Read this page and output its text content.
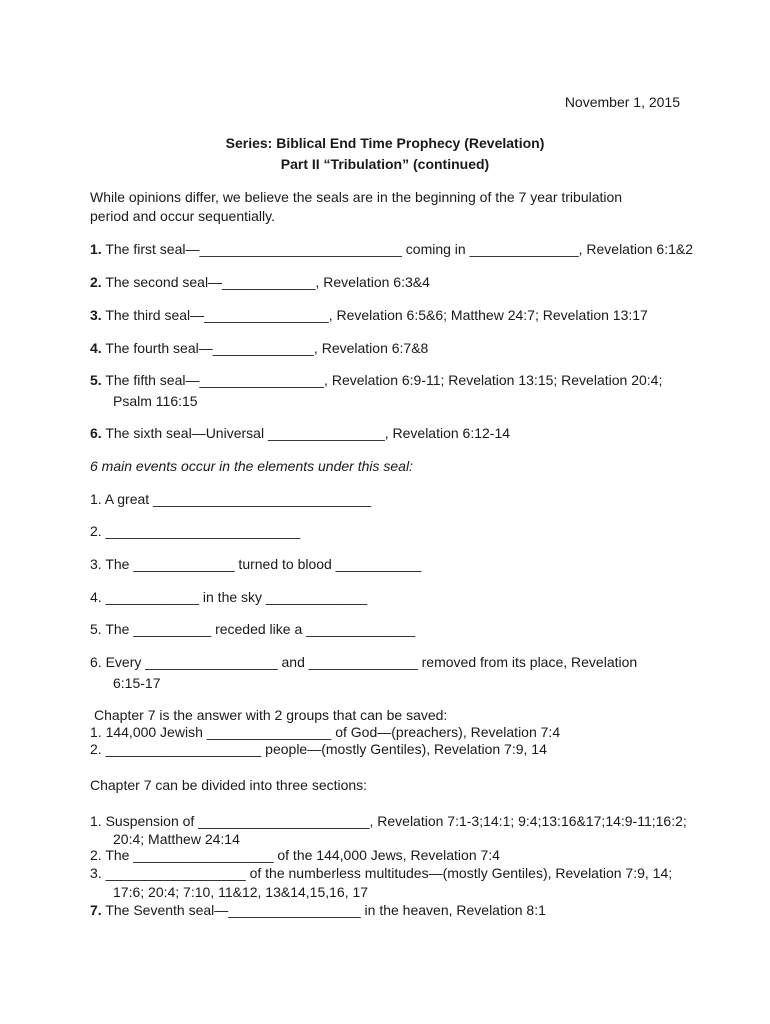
November 1, 2015
Series: Biblical End Time Prophecy (Revelation)
Part II “Tribulation” (continued)
While opinions differ, we believe the seals are in the beginning of the 7 year tribulation
period and occur sequentially.
1. The first seal—__________________________ coming in ______________, Revelation 6:1&2
2. The second seal—____________, Revelation 6:3&4
3. The third seal—________________, Revelation 6:5&6; Matthew 24:7; Revelation 13:17
4. The fourth seal—_____________, Revelation 6:7&8
5. The fifth seal—________________, Revelation 6:9-11; Revelation 13:15; Revelation 20:4;
Psalm 116:15
6. The sixth seal—Universal _______________, Revelation 6:12-14
6 main events occur in the elements under this seal:
1. A great ____________________________
2. _________________________
3. The _____________ turned to blood ___________
4. ____________ in the sky _____________
5. The __________ receded like a ______________
6. Every _________________ and ______________ removed from its place, Revelation
6:15-17
Chapter 7 is the answer with 2 groups that can be saved:
1. 144,000 Jewish ________________ of God—(preachers), Revelation 7:4
2. ____________________ people—(mostly Gentiles), Revelation 7:9, 14
Chapter 7 can be divided into three sections:
1. Suspension of ______________________, Revelation 7:1-3;14:1; 9:4;13:16&17;14:9-11;16:2;
20:4; Matthew 24:14
2. The __________________ of the 144,000 Jews, Revelation 7:4
3. __________________ of the numberless multitudes—(mostly Gentiles), Revelation 7:9, 14;
17:6; 20:4; 7:10, 11&12, 13&14,15,16, 17
7. The Seventh seal—_________________ in the heaven, Revelation 8:1
